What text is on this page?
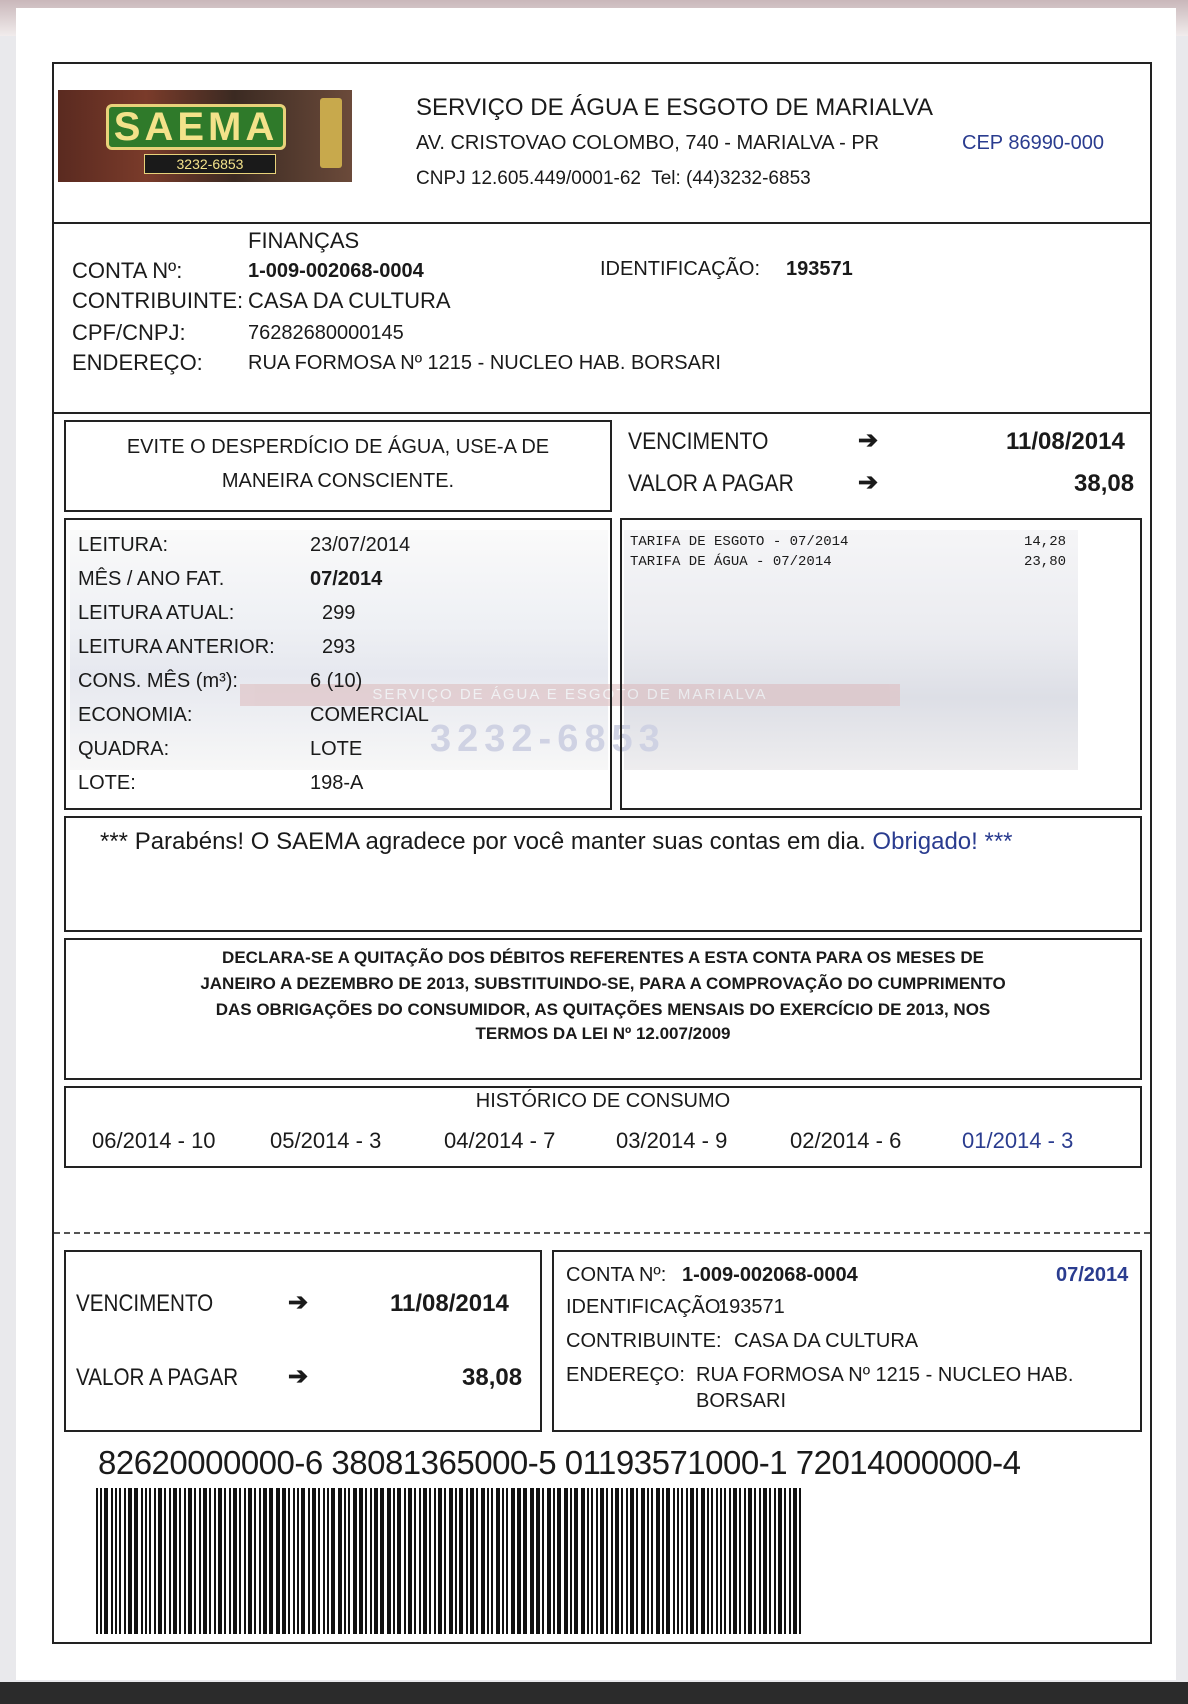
SAEMA
3232-6853
SERVIÇO DE ÁGUA E ESGOTO DE MARIALVA
AV. CRISTOVAO COLOMBO, 740 - MARIALVA - PR	CEP 86990-000
CNPJ 12.605.449/0001-62  Tel: (44)3232-6853
FINANÇAS
CONTA Nº:	1-009-002068-0004	IDENTIFICAÇÃO: 193571
CONTRIBUINTE: CASA DA CULTURA
CPF/CNPJ:	76282680000145
ENDEREÇO: RUA FORMOSA Nº 1215 - NUCLEO HAB. BORSARI
EVITE O DESPERDÍCIO DE ÁGUA, USE-A DE
MANEIRA CONSCIENTE.
VENCIMENTO	➔	11/08/2014
VALOR A PAGAR	➔	38,08
SERVIÇO DE ÁGUA E ESGOTO DE MARIALVA
3232-6853
LEITURA:	23/07/2014
MÊS / ANO FAT.	07/2014
LEITURA ATUAL:	299
LEITURA ANTERIOR: 293
CONS. MÊS (m³):	6 (10)
ECONOMIA:	COMERCIAL
QUADRA:	LOTE
LOTE:	198-A
TARIFA DE ESGOTO - 07/2014	14,28
TARIFA DE ÁGUA - 07/2014	23,80
*** Parabéns! O SAEMA agradece por você manter suas contas em dia. Obrigado! ***
DECLARA-SE A QUITAÇÃO DOS DÉBITOS REFERENTES A ESTA CONTA PARA OS MESES DE
JANEIRO A DEZEMBRO DE 2013, SUBSTITUINDO-SE, PARA A COMPROVAÇÃO DO CUMPRIMENTO
DAS OBRIGAÇÕES DO CONSUMIDOR, AS QUITAÇÕES MENSAIS DO EXERCÍCIO DE 2013, NOS
TERMOS DA LEI Nº 12.007/2009
HISTÓRICO DE CONSUMO
06/2014 - 10 05/2014 - 3	04/2014 - 7	03/2014 - 9	02/2014 - 6	01/2014 - 3
VENCIMENTO	➔	11/08/2014
VALOR A PAGAR ➔	38,08
CONTA Nº: 1-009-002068-0004	07/2014
IDENTIFICAÇÃO:
193571
CONTRIBUINTE: CASA DA CULTURA
ENDEREÇO: RUA FORMOSA Nº 1215 - NUCLEO HAB.
BORSARI
82620000000-6 38081365000-5 01193571000-1 72014000000-4
